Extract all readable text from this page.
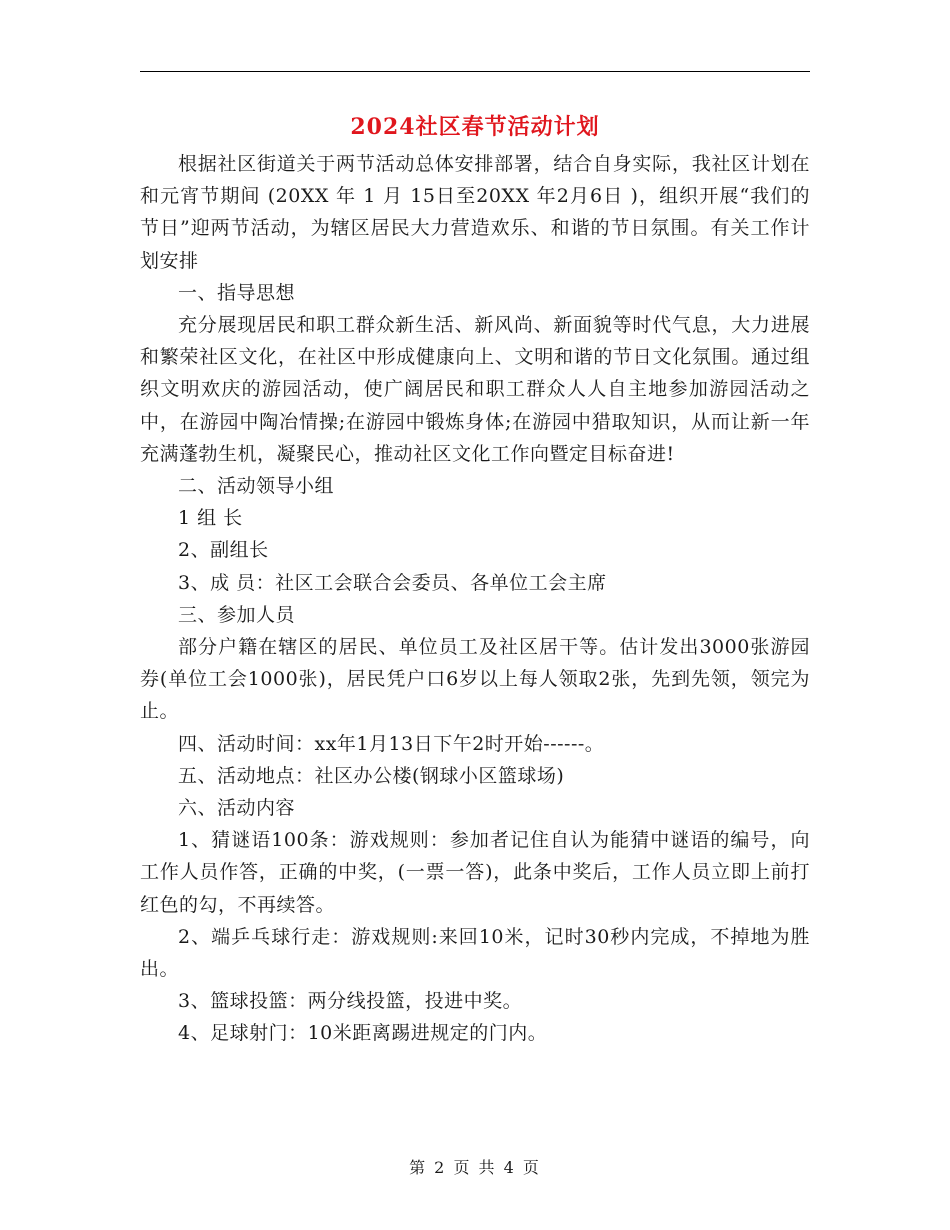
2024社区春节活动计划

根据社区街道关于两节活动总体安排部署，结合自身实际，我社区计划在和元宵节期间 (20XX 年 1 月 15日至20XX 年2月6日 )，组织开展“我们的节日”迎两节活动，为辖区居民大力营造欢乐、和谐的节日氛围。有关工作计划安排

一、指导思想

充分展现居民和职工群众新生活、新风尚、新面貌等时代气息，大力进展和繁荣社区文化，在社区中形成健康向上、文明和谐的节日文化氛围。通过组织文明欢庆的游园活动，使广阔居民和职工群众人人自主地参加游园活动之中，在游园中陶冶情操;在游园中锻炼身体;在游园中猎取知识，从而让新一年充满蓬勃生机，凝聚民心，推动社区文化工作向暨定目标奋进!

二、活动领导小组

1 组 长

2、副组长

3、成 员：社区工会联合会委员、各单位工会主席

三、参加人员

部分户籍在辖区的居民、单位员工及社区居干等。估计发出3000张游园券(单位工会1000张)，居民凭户口6岁以上每人领取2张，先到先领，领完为止。

四、活动时间：xx年1月13日下午2时开始------。

五、活动地点：社区办公楼(钢球小区篮球场)

六、活动内容

1、猜谜语100条：游戏规则：参加者记住自认为能猜中谜语的编号，向工作人员作答，正确的中奖，(一票一答)，此条中奖后，工作人员立即上前打红色的勾，不再续答。

2、端乒乓球行走：游戏规则:来回10米，记时30秒内完成，不掉地为胜出。

3、篮球投篮：两分线投篮，投进中奖。

4、足球射门：10米距离踢进规定的门内。

第 2 页 共 4 页
